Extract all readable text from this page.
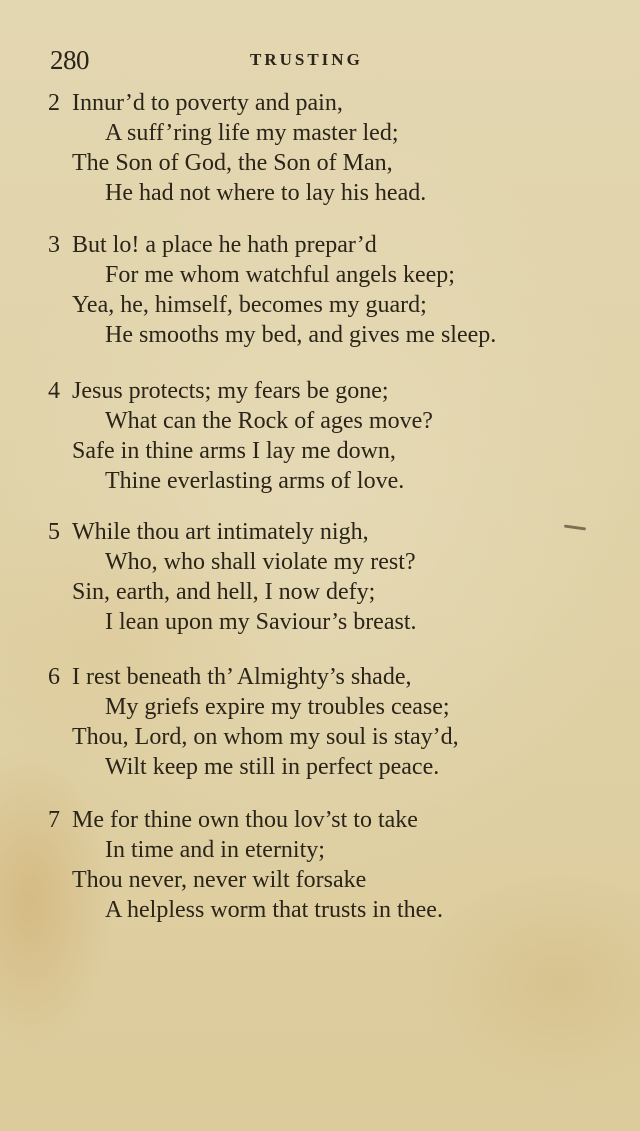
280	TRUSTING
2 Innur’d to poverty and pain,
A suff’ring life my master led;
The Son of God, the Son of Man,
He had not where to lay his head.
3 But lo! a place he hath prepar’d
For me whom watchful angels keep;
Yea, he, himself, becomes my guard;
He smooths my bed, and gives me sleep.
4 Jesus protects; my fears be gone;
What can the Rock of ages move?
Safe in thine arms I lay me down,
Thine everlasting arms of love.
5 While thou art intimately nigh,
Who, who shall violate my rest?
Sin, earth, and hell, I now defy;
I lean upon my Saviour’s breast.
6 I rest beneath th’ Almighty’s shade,
My griefs expire my troubles cease;
Thou, Lord, on whom my soul is stay’d,
Wilt keep me still in perfect peace.
7 Me for thine own thou lov’st to take
In time and in eternity;
Thou never, never wilt forsake
A helpless worm that trusts in thee.
